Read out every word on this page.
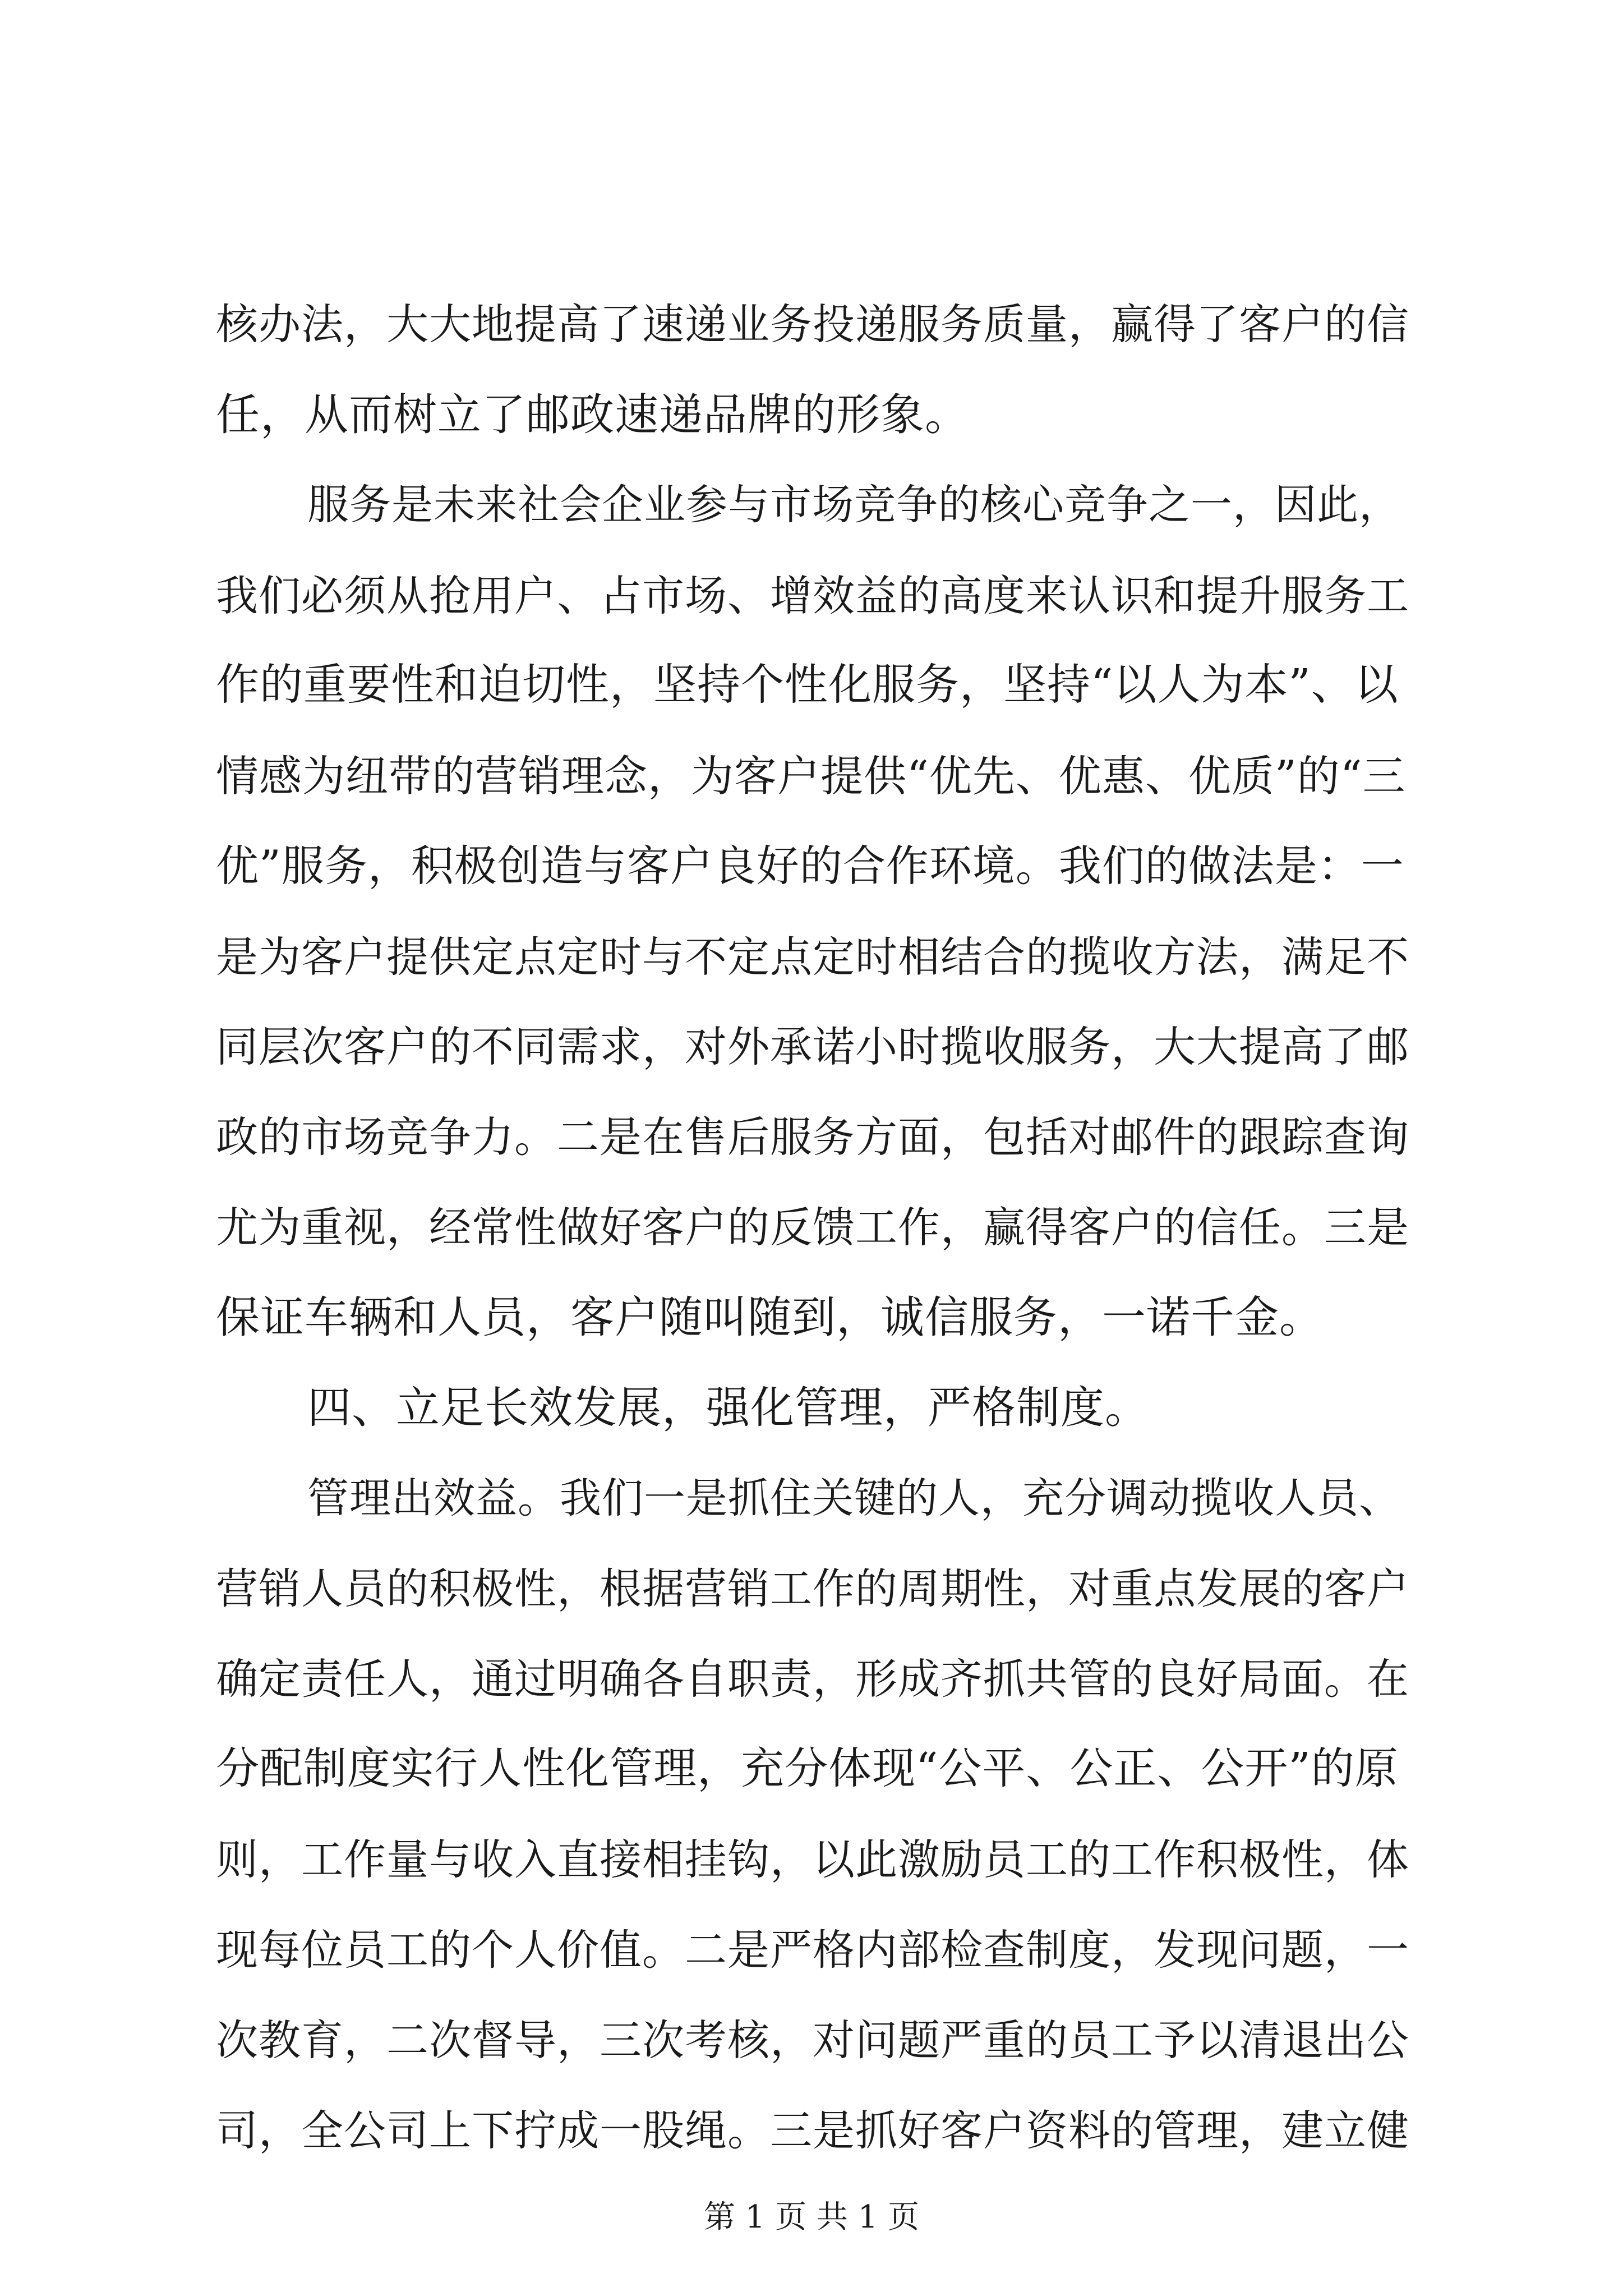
核办法，大大地提高了速递业务投递服务质量，赢得了客户的信
任，从而树立了邮政速递品牌的形象。
服务是未来社会企业参与市场竞争的核心竞争之一，因此，
我们必须从抢用户、占市场、增效益的高度来认识和提升服务工
作的重要性和迫切性，坚持个性化服务，坚持“以人为本”、以
情感为纽带的营销理念，为客户提供“优先、优惠、优质”的“三
优”服务，积极创造与客户良好的合作环境。我们的做法是：一
是为客户提供定点定时与不定点定时相结合的揽收方法，满足不
同层次客户的不同需求，对外承诺小时揽收服务，大大提高了邮
政的市场竞争力。二是在售后服务方面，包括对邮件的跟踪查询
尤为重视，经常性做好客户的反馈工作，赢得客户的信任。三是
保证车辆和人员，客户随叫随到，诚信服务，一诺千金。
四、立足长效发展，强化管理，严格制度。
管理出效益。我们一是抓住关键的人，充分调动揽收人员、
营销人员的积极性，根据营销工作的周期性，对重点发展的客户
确定责任人，通过明确各自职责，形成齐抓共管的良好局面。在
分配制度实行人性化管理，充分体现“公平、公正、公开”的原
则，工作量与收入直接相挂钩，以此激励员工的工作积极性，体
现每位员工的个人价值。二是严格内部检查制度，发现问题，一
次教育，二次督导，三次考核，对问题严重的员工予以清退出公
司，全公司上下拧成一股绳。三是抓好客户资料的管理，建立健
第 1 页 共 1 页
